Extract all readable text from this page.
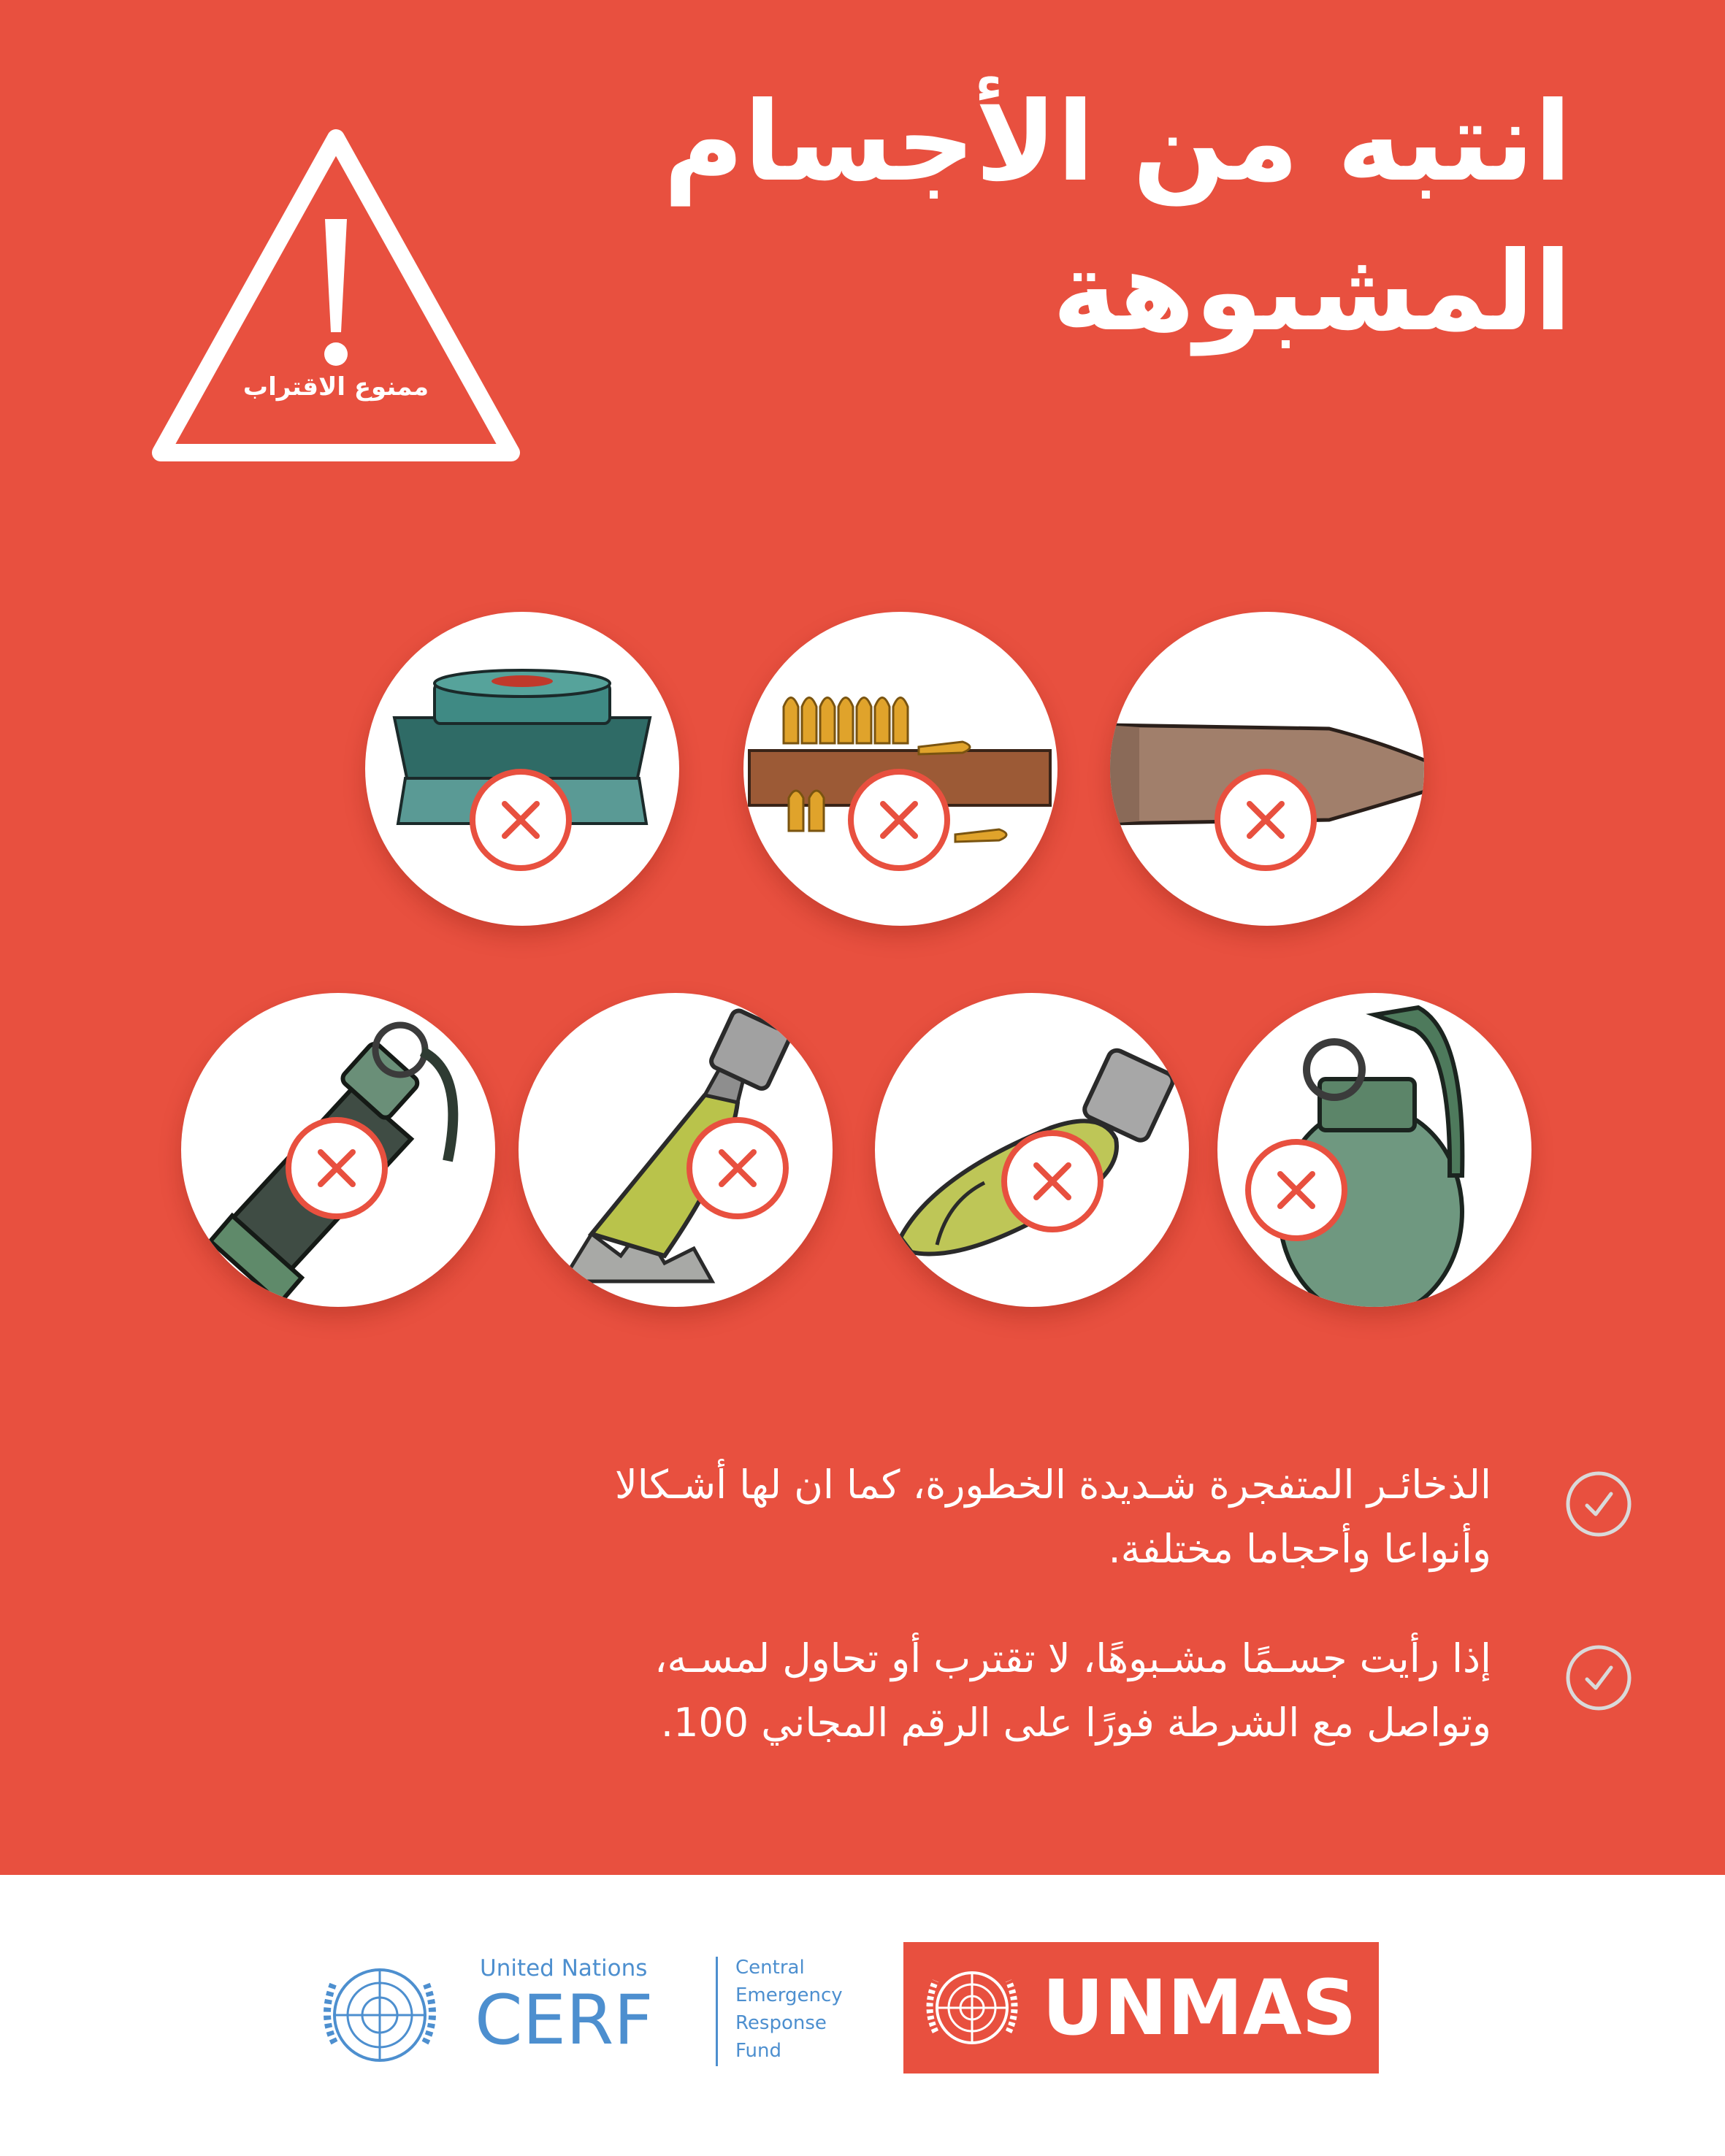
انتبه من الأجسام
المشبوهة
ممنوع الاقتراب
الذخائـر المتفجرة شـديدة الخطورة، كما ان لها أشـكالا
وأنواعا وأحجاما مختلفة.
إذا رأيت جسـمًا مشـبوهًا، لا تقترب أو تحاول لمسـه،
وتواصل مع الشرطة فورًا على الرقم المجاني 100.
United Nations
CERF
Central
Emergency
Response
Fund	UNMAS
